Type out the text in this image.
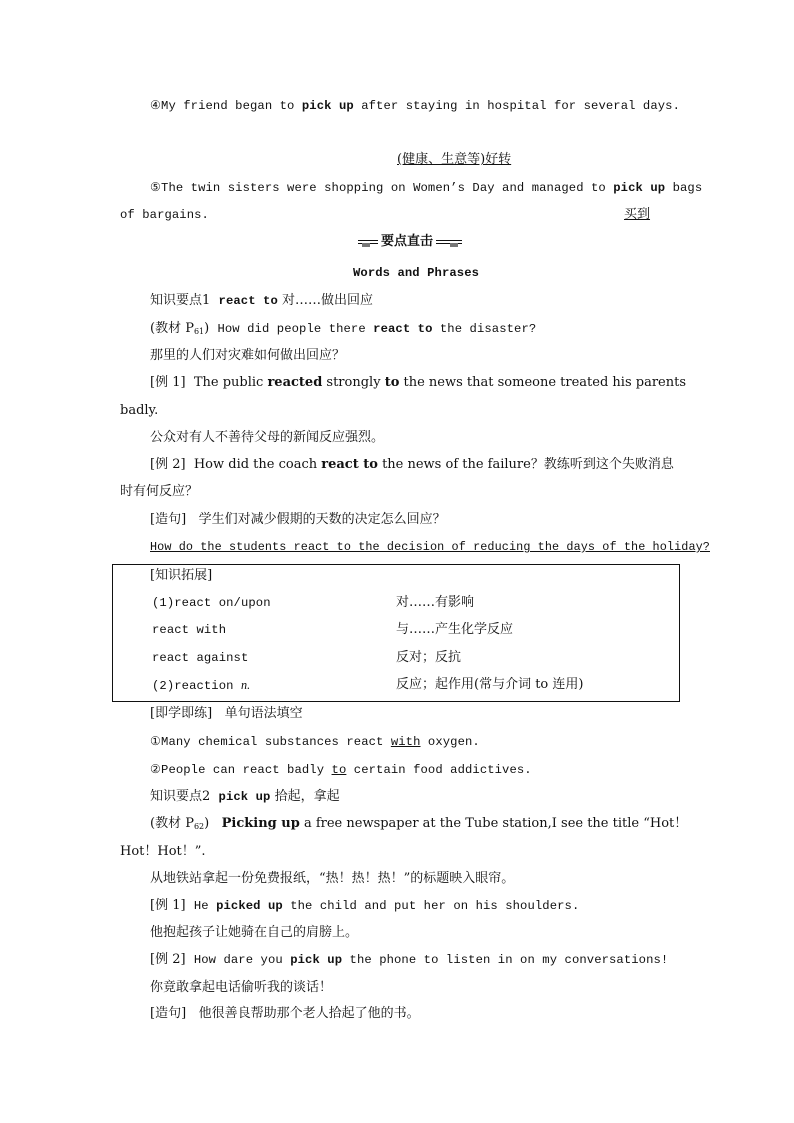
④My friend began to pick up after staying in hospital for several days.
(健康、生意等)好转
⑤The twin sisters were shopping on Women’s Day and managed to pick up bags
of bargains.	买到
要点直击
Words and Phrases
知识要点1 react to 对……做出回应
(教材 $P_{61}$) How did people there react to the disaster?
那里的人们对灾难如何做出回应？
[例 1] The public reacted strongly to the news that someone treated his parents
badly.
公众对有人不善待父母的新闻反应强烈。
[例 2] How did the coach react to the news of the failure？教练听到这个失败消息
时有何反应？
[造句] 学生们对减少假期的天数的决定怎么回应？
How do the students react to the decision of reducing the days of the holiday?
[知识拓展]
(1)react on/upon	对……有影响
react with	与……产生化学反应
react against	反对；反抗
(2)reaction n.	反应；起作用(常与介词 to 连用)
[即学即练] 单句语法填空
①Many chemical substances react with oxygen.
②People can react badly to certain food addictives.
知识要点2 pick up 拾起，拿起
(教材 $P_{62}$) Picking up a free newspaper at the Tube station,I see the title “Hot！
Hot！Hot！”.
从地铁站拿起一份免费报纸，“热！热！热！”的标题映入眼帘。
[例 1] He picked up the child and put her on his shoulders.
他抱起孩子让她骑在自己的肩膀上。
[例 2] How dare you pick up the phone to listen in on my conversations!
你竟敢拿起电话偷听我的谈话！
[造句] 他很善良帮助那个老人拾起了他的书。
